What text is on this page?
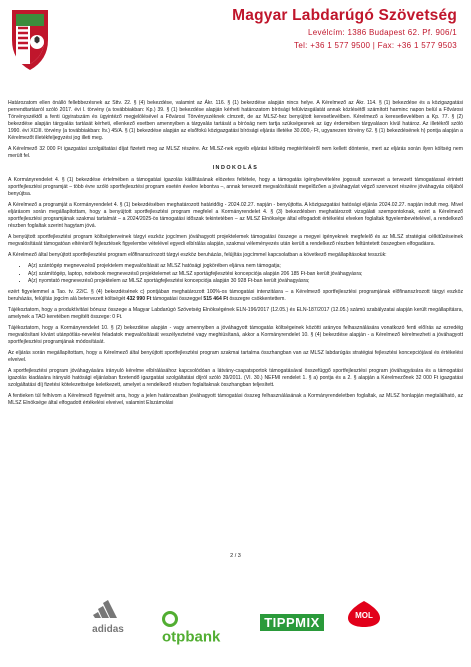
Magyar Labdarúgó Szövetség
Levélcím: 1386 Budapest 62. Pf. 906/1
Tel: +36 1 577 9500 | Fax: +36 1 577 9503

Határozatom ellen önálló fellebbezésnek az Sttv. 22. § (4) bekezdése, valamint az Ákr. 116. § (1) bekezdése alapján nincs helye. A Kérelmező az Ákr. 114. § (1) bekezdése és a közigazgatási perrendtartásról szóló 2017. évi I. törvény (a továbbiakban: Kp.) 39. § (1) bekezdése alapján kérheti határozatom bírósági felülvizsgálatát annak közlésétől számított harminc napon belül a Fővárosi Törvényszéktől a fenti ügyiratszám és ügyintéző megjelölésével a Fővárosi Törvényszéknek címzett, de az MLSZ-hez benyújtott keresetlevélben. Kérelmező a keresetlevelében a Kp. 77. § (2) bekezdése alapján tárgyalás tartását kérheti, ellenkező esetben amennyiben a tárgyalás tartását a bíróság nem tartja szükségesnek az ügy érdemében tárgyaláson kívül határoz. Az illetékről szóló 1990. évi XCIII. törvény (a továbbiakban: Itv.) 45/A. § (1) bekezdése alapján az elsőfokú közigazgatási bírósági eljárás illetéke 30.000,- Ft, ugyanezen törvény 62. § (1) bekezdésének h) pontja alapján a Kérelmezőt illetékfeljegyzési jog illeti meg.

A Kérelmező 32 000 Ft igazgatási szolgáltatási díjat fizetett meg az MLSZ részére. Az MLSZ-nek egyéb eljárási költség megtérítéséről nem kellett döntenie, mert az eljárás során ilyen költség nem merült fel.

INDOKOLÁS

A Kormányrendelet 4. § (1) bekezdése értelmében a támogatási igazolás kiállításának elözetes feltétele, hogy a támogatás igénybevételére jogosult szervezet a tervezett támogatással érintett sportfejlesztési programját – több évre szóló sportfejlesztési program esetén évekre lebontva –, annak tervezett megvalósítását megelőzően a jóváhagyást végző szervezet részére jóváhagyás céljából benyújtsa.

A Kérelmező a programját a Kormányrendelet 4. § (1) bekezdésében meghatározott határidőig - 2024.02.27. napján - benyújtotta. A közigazgatási hatósági eljárás 2024.02.27. napján indult meg. Mivel eljárásom során megállapítottam, hogy a benyújtott sportfejlesztési program megfelel a Kormányrendelet 4. § (3) bekezdésben meghatározott vizsgálati szempontoknak, ezért a Kérelmező sportfejlesztési programjának szakmai tartalmát – a 2024/2025-ös támogatási időszak tekintetében – az MLSZ Elnöksége által elfogadott értékelési elveken foglaltak figyelembevételével, a rendelkező részben foglaltak szerint hagytam jóvá.

A benyújtott sportfejlesztési program költségterveinek tárgyi eszköz jogcímen jóváhagyott projektelemek támogatási összege a megyei igényeknek megfelelő és az MLSZ stratégiai célkitűzéseinek megvalósítását támogatóan eltérésről fejlesztések figyelembe vételével egyedi elbírálás alapján, szakmai véleményezés után került a rendelkező részben feltüntetett összegben elfogadásra.

A Kérelmező által benyújtott sportfejlesztési program előfinanszírozott tárgyi eszköz beruházás, felújítás jogcímmel kapcsolatban a következő megállapításokat tesszük:

• A(z) szántógép megnevezésű projektelem megvalósítását az MLSZ hatósági jogkörében eljárva nem támogatja;
• A(z) számítógép, laptop, notebook megnevezésű projektelemet az MLSZ sportágfejlesztési koncepciója alapján 206 185 Ft-ban került jóváhagyásra;
• A(z) nyomtató megnevezésű projektelem az MLSZ sportágfejlesztési koncepciója alapján 30 928 Ft-ban került jóváhagyásra;

ezért figyelemmel a Tao. tv. 22/C. § (4) bekezdésének c) pontjában meghatározott 100%-os támogatási intenzitásra – a Kérelmező sportfejlesztési programjának előfinanszírozott tárgyi eszköz beruházás, felújítás jogcím alá betervezett költségét 432 990 Ft támogatási összeggel 515 464 Ft összegre csökkentettem.

Tájékoztatom, hogy a produktívitási bónusz összege a Magyar Labdarúgó Szövetség Elnökségének ELN-196/2017 (12.05.) és ELN-187/2017 (12.05.) számú szabályzatai alapján került megállapításra, amelynek a TAO keretében megítélt összege: 0 Ft.

Tájékoztatom, hogy a Kormányrendelet 10. § (2) bekezdése alapján - vagy amennyiben a jóváhagyott támogatás költségeinek közötti arányos felhasználására vonatkozó fenti előírás az ezredéig megvalósítani kívánt utánpótlás-nevelési feladatok megvalósítását veszélyeztetné vagy meghiúsítaná, akkor a Kormányrendelet 10. § (4) bekezdése alapján - a Kérelmező kérelmezheti a jóváhagyott sportfejlesztési programjának módosítását.

Az eljárás során megállapítottam, hogy a Kérelmező által benyújtott sportfejlesztési program szakmai tartalma összhangban van az MLSZ labdarúgás stratégiai fejlesztési koncepciójával és értékelési elveivel.

A sportfejlesztési program jóváhagyására irányuló kérelme elbírálásához kapcsolódóan a látvány-csapatsportok támogatásával összefüggő sportfejlesztési program jóváhagyására és a támogatási igazolás kiadására irányuló hatósági eljárásban fizetendő igazgatási szolgáltatási díjról szóló 39/2011. (VI. 30.) NEFMI rendelet 1. § a) pontja és a 2. § alapján a Kérelmezőnek 32 000 Ft igazgatási szolgáltatási díj fizetési kötelezettsége keletkezett, amelyet a rendelkező részben foglaltaknak összhangban teljesített.

A fentieken túl felhívom a Kérelmező figyelmét arra, hogy a jelen határozatban jóváhagyott támogatási összeg felhasználásának a Kormányrendeletben foglaltak, az MLSZ honlapján megtalálható, az MLSZ Elnöksége által elfogadott értékelési elveivel, valamint Elszámolási

2 / 3
adidas	otpbank
TIPPMIX	MOL
